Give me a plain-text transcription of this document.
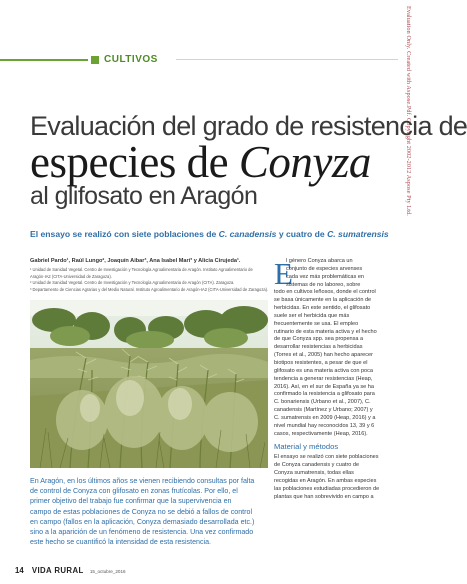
Evaluation Only. Created with Aspose.Pdf. Copyright 2002-2012 Aspose Pty Ltd.
CULTIVOS
Evaluación del grado de resistencia de
especies de Conyza
al glifosato en Aragón
El ensayo se realizó con siete poblaciones de C. canadensis y cuatro de C. sumatrensis
Gabriel Pardo¹, Raúl Lungo², Joaquín Aibar³, Ana Isabel Marí³ y Alicia Cirujeda¹.

¹ Unidad de Sanidad Vegetal. Centro de Investigación y Tecnología Agroalimentaria de Aragón. Instituto Agroalimentario de

Aragón-IA2 (CITA-Universidad de Zaragoza).

² Unidad de Sanidad Vegetal. Centro de Investigación y Tecnología Agroalimentaria de Aragón (CITA). Zaragoza.

³ Departamento de Ciencias Agrarias y del Medio Natural. Instituto Agroalimentario de Aragón-IA2 (CITA-Universidad de Zaragoza).

En Aragón, en los últimos años se vienen recibiendo consultas por falta

de control de Conyza con glifosato en zonas frutícolas. Por ello, el

primer objetivo del trabajo fue confirmar que la supervivencia en

campo de estas poblaciones de Conyza no se debió a fallos de control

en campo (fallos en la aplicación, Conyza demasiado desarrollada etc.)

sino a la aparición de un fenómeno de resistencia. Una vez confirmado

este hecho se cuantificó la intensidad de esta resistencia.

E

l género Conyza abarca un

conjunto de especies arvenses

cada vez más problemáticas en

sistemas de no laboreo, sobre

todo en cultivos leñosos, donde el control

se basa únicamente en la aplicación de

herbicidas. En este sentido, el glifosato

suele ser el herbicida que más

frecuentemente se usa. El empleo

rutinario de esta materia activa y el hecho

de que Conyza spp. sea propensa a

desarrollar resistencias a herbicidas

(Torres et al., 2005) han hecho aparecer

biotipos resistentes, a pesar de que el

glifosato es una materia activa con poca

tendencia a generar resistencias (Heap,

2016). Así, en el sur de España ya se ha

confirmado la resistencia a glifosato para

C. bonariensis (Urbano et al., 2007), C.

canadensis (Martínez y Urbano; 2007) y

C. sumatrensis en 2009 (Heap, 2016) y a

nivel mundial hay reconocidos 13, 39 y 6

casos, respectivamente (Heap, 2016).

Material y métodos

El ensayo se realizó con siete poblaciones

de Conyza canadensis y cuatro de

Conyza sumatrensis, todas ellas

recogidas en Aragón. En ambas especies

las poblaciones estudiadas procedieron de

plantas que han sobrevivido en campo a

14 VIDA RURAL 15_octubre_2016
